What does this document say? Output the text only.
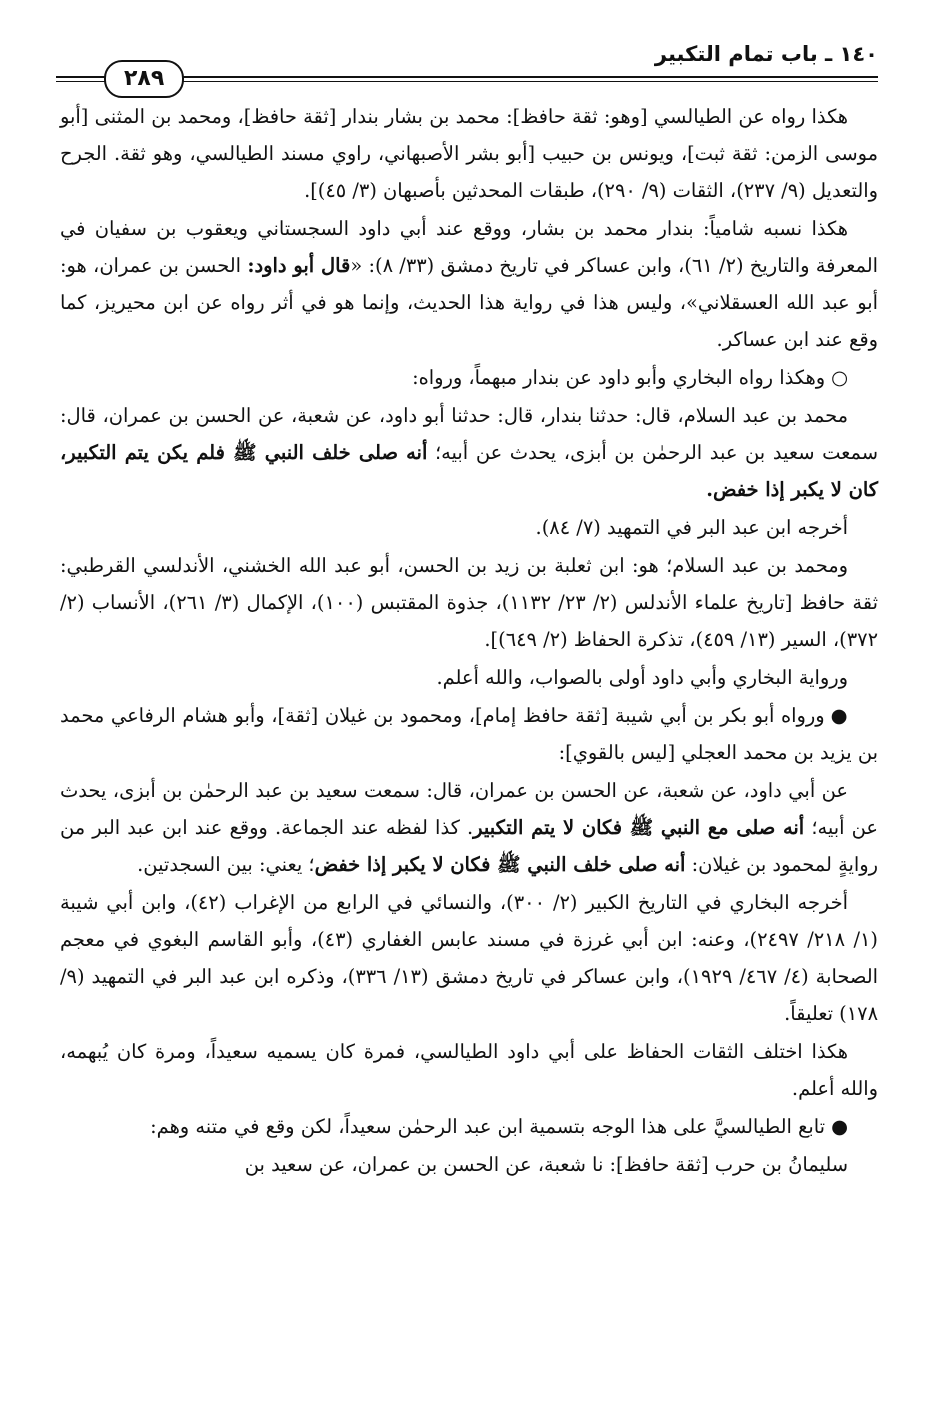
١٤٠ ـ باب تمام التكبير
٢٨٩

هكذا رواه عن الطيالسي [وهو: ثقة حافظ]: محمد بن بشار بندار [ثقة حافظ]، ومحمد بن المثنى [أبو موسى الزمن: ثقة ثبت]، ويونس بن حبيب [أبو بشر الأصبهاني، راوي مسند الطيالسي، وهو ثقة. الجرح والتعديل (٩/ ٢٣٧)، الثقات (٩/ ٢٩٠)، طبقات المحدثين بأصبهان (٣/ ٤٥)].

هكذا نسبه شامياً: بندار محمد بن بشار، ووقع عند أبي داود السجستاني ويعقوب بن سفيان في المعرفة والتاريخ (٢/ ٦١)، وابن عساكر في تاريخ دمشق (٣٣/ ٨): «قال أبو داود: الحسن بن عمران، هو: أبو عبد الله العسقلاني»، وليس هذا في رواية هذا الحديث، وإنما هو في أثر رواه عن ابن محيريز، كما وقع عند ابن عساكر.

○وهكذا رواه البخاري وأبو داود عن بندار مبهماً، ورواه:

محمد بن عبد السلام، قال: حدثنا بندار، قال: حدثنا أبو داود، عن شعبة، عن الحسن بن عمران، قال: سمعت سعيد بن عبد الرحمٰن بن أبزى، يحدث عن أبيه؛ أنه صلى خلف النبي ﷺ فلم يكن يتم التكبير، كان لا يكبر إذا خفض.

أخرجه ابن عبد البر في التمهيد (٧/ ٨٤).

ومحمد بن عبد السلام؛ هو: ابن ثعلبة بن زيد بن الحسن، أبو عبد الله الخشني، الأندلسي القرطبي: ثقة حافظ [تاريخ علماء الأندلس (٢/ ٢٣/ ١١٣٢)، جذوة المقتبس (١٠٠)، الإكمال (٣/ ٢٦١)، الأنساب (٢/ ٣٧٢)، السير (١٣/ ٤٥٩)، تذكرة الحفاظ (٢/ ٦٤٩)].

ورواية البخاري وأبي داود أولى بالصواب، والله أعلم.

●ورواه أبو بكر بن أبي شيبة [ثقة حافظ إمام]، ومحمود بن غيلان [ثقة]، وأبو هشام الرفاعي محمد بن يزيد بن محمد العجلي [ليس بالقوي]:

عن أبي داود، عن شعبة، عن الحسن بن عمران، قال: سمعت سعيد بن عبد الرحمٰن بن أبزى، يحدث عن أبيه؛ أنه صلى مع النبي ﷺ فكان لا يتم التكبير. كذا لفظه عند الجماعة. ووقع عند ابن عبد البر من روايةٍ لمحمود بن غيلان: أنه صلى خلف النبي ﷺ فكان لا يكبر إذا خفض؛ يعني: بين السجدتين.

أخرجه البخاري في التاريخ الكبير (٢/ ٣٠٠)، والنسائي في الرابع من الإغراب (٤٢)، وابن أبي شيبة (١/ ٢١٨/ ٢٤٩٧)، وعنه: ابن أبي غرزة في مسند عابس الغفاري (٤٣)، وأبو القاسم البغوي في معجم الصحابة (٤/ ٤٦٧/ ١٩٢٩)، وابن عساكر في تاريخ دمشق (١٣/ ٣٣٦)، وذكره ابن عبد البر في التمهيد (٩/ ١٧٨) تعليقاً.

هكذا اختلف الثقات الحفاظ على أبي داود الطيالسي، فمرة كان يسميه سعيداً، ومرة كان يُبهمه، والله أعلم.

●تابع الطيالسيَّ على هذا الوجه بتسمية ابن عبد الرحمٰن سعيداً، لكن وقع في متنه وهم:

سليمانُ بن حرب [ثقة حافظ]: نا شعبة، عن الحسن بن عمران، عن سعيد بن
